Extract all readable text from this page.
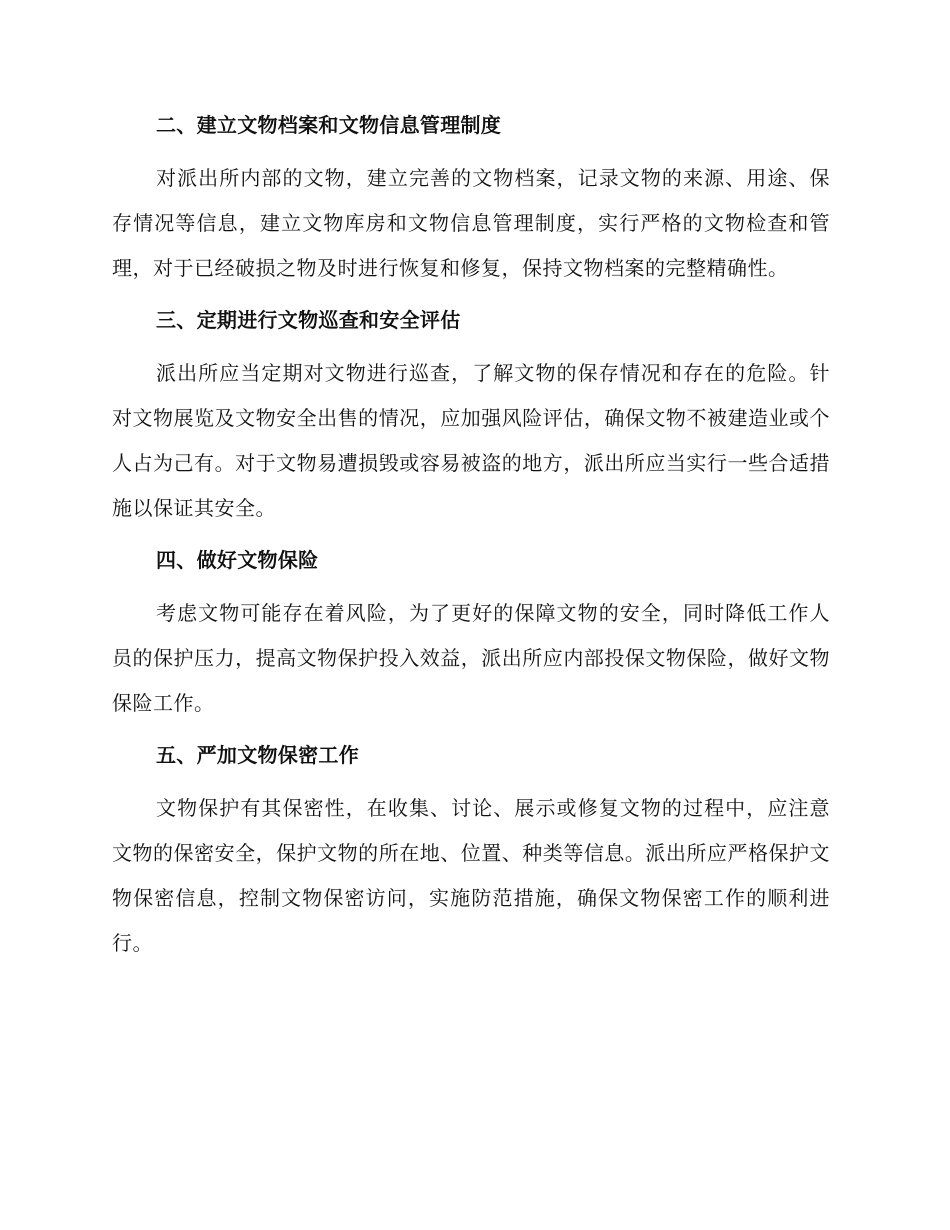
二、建立文物档案和文物信息管理制度

对派出所内部的文物，建立完善的文物档案，记录文物的来源、用途、保存情况等信息，建立文物库房和文物信息管理制度，实行严格的文物检查和管理，对于已经破损之物及时进行恢复和修复，保持文物档案的完整精确性。

三、定期进行文物巡查和安全评估

派出所应当定期对文物进行巡查，了解文物的保存情况和存在的危险。针对文物展览及文物安全出售的情况，应加强风险评估，确保文物不被建造业或个人占为己有。对于文物易遭损毁或容易被盗的地方，派出所应当实行一些合适措施以保证其安全。

四、做好文物保险

考虑文物可能存在着风险，为了更好的保障文物的安全，同时降低工作人员的保护压力，提高文物保护投入效益，派出所应内部投保文物保险，做好文物保险工作。

五、严加文物保密工作

文物保护有其保密性，在收集、讨论、展示或修复文物的过程中，应注意文物的保密安全，保护文物的所在地、位置、种类等信息。派出所应严格保护文物保密信息，控制文物保密访问，实施防范措施，确保文物保密工作的顺利进行。
